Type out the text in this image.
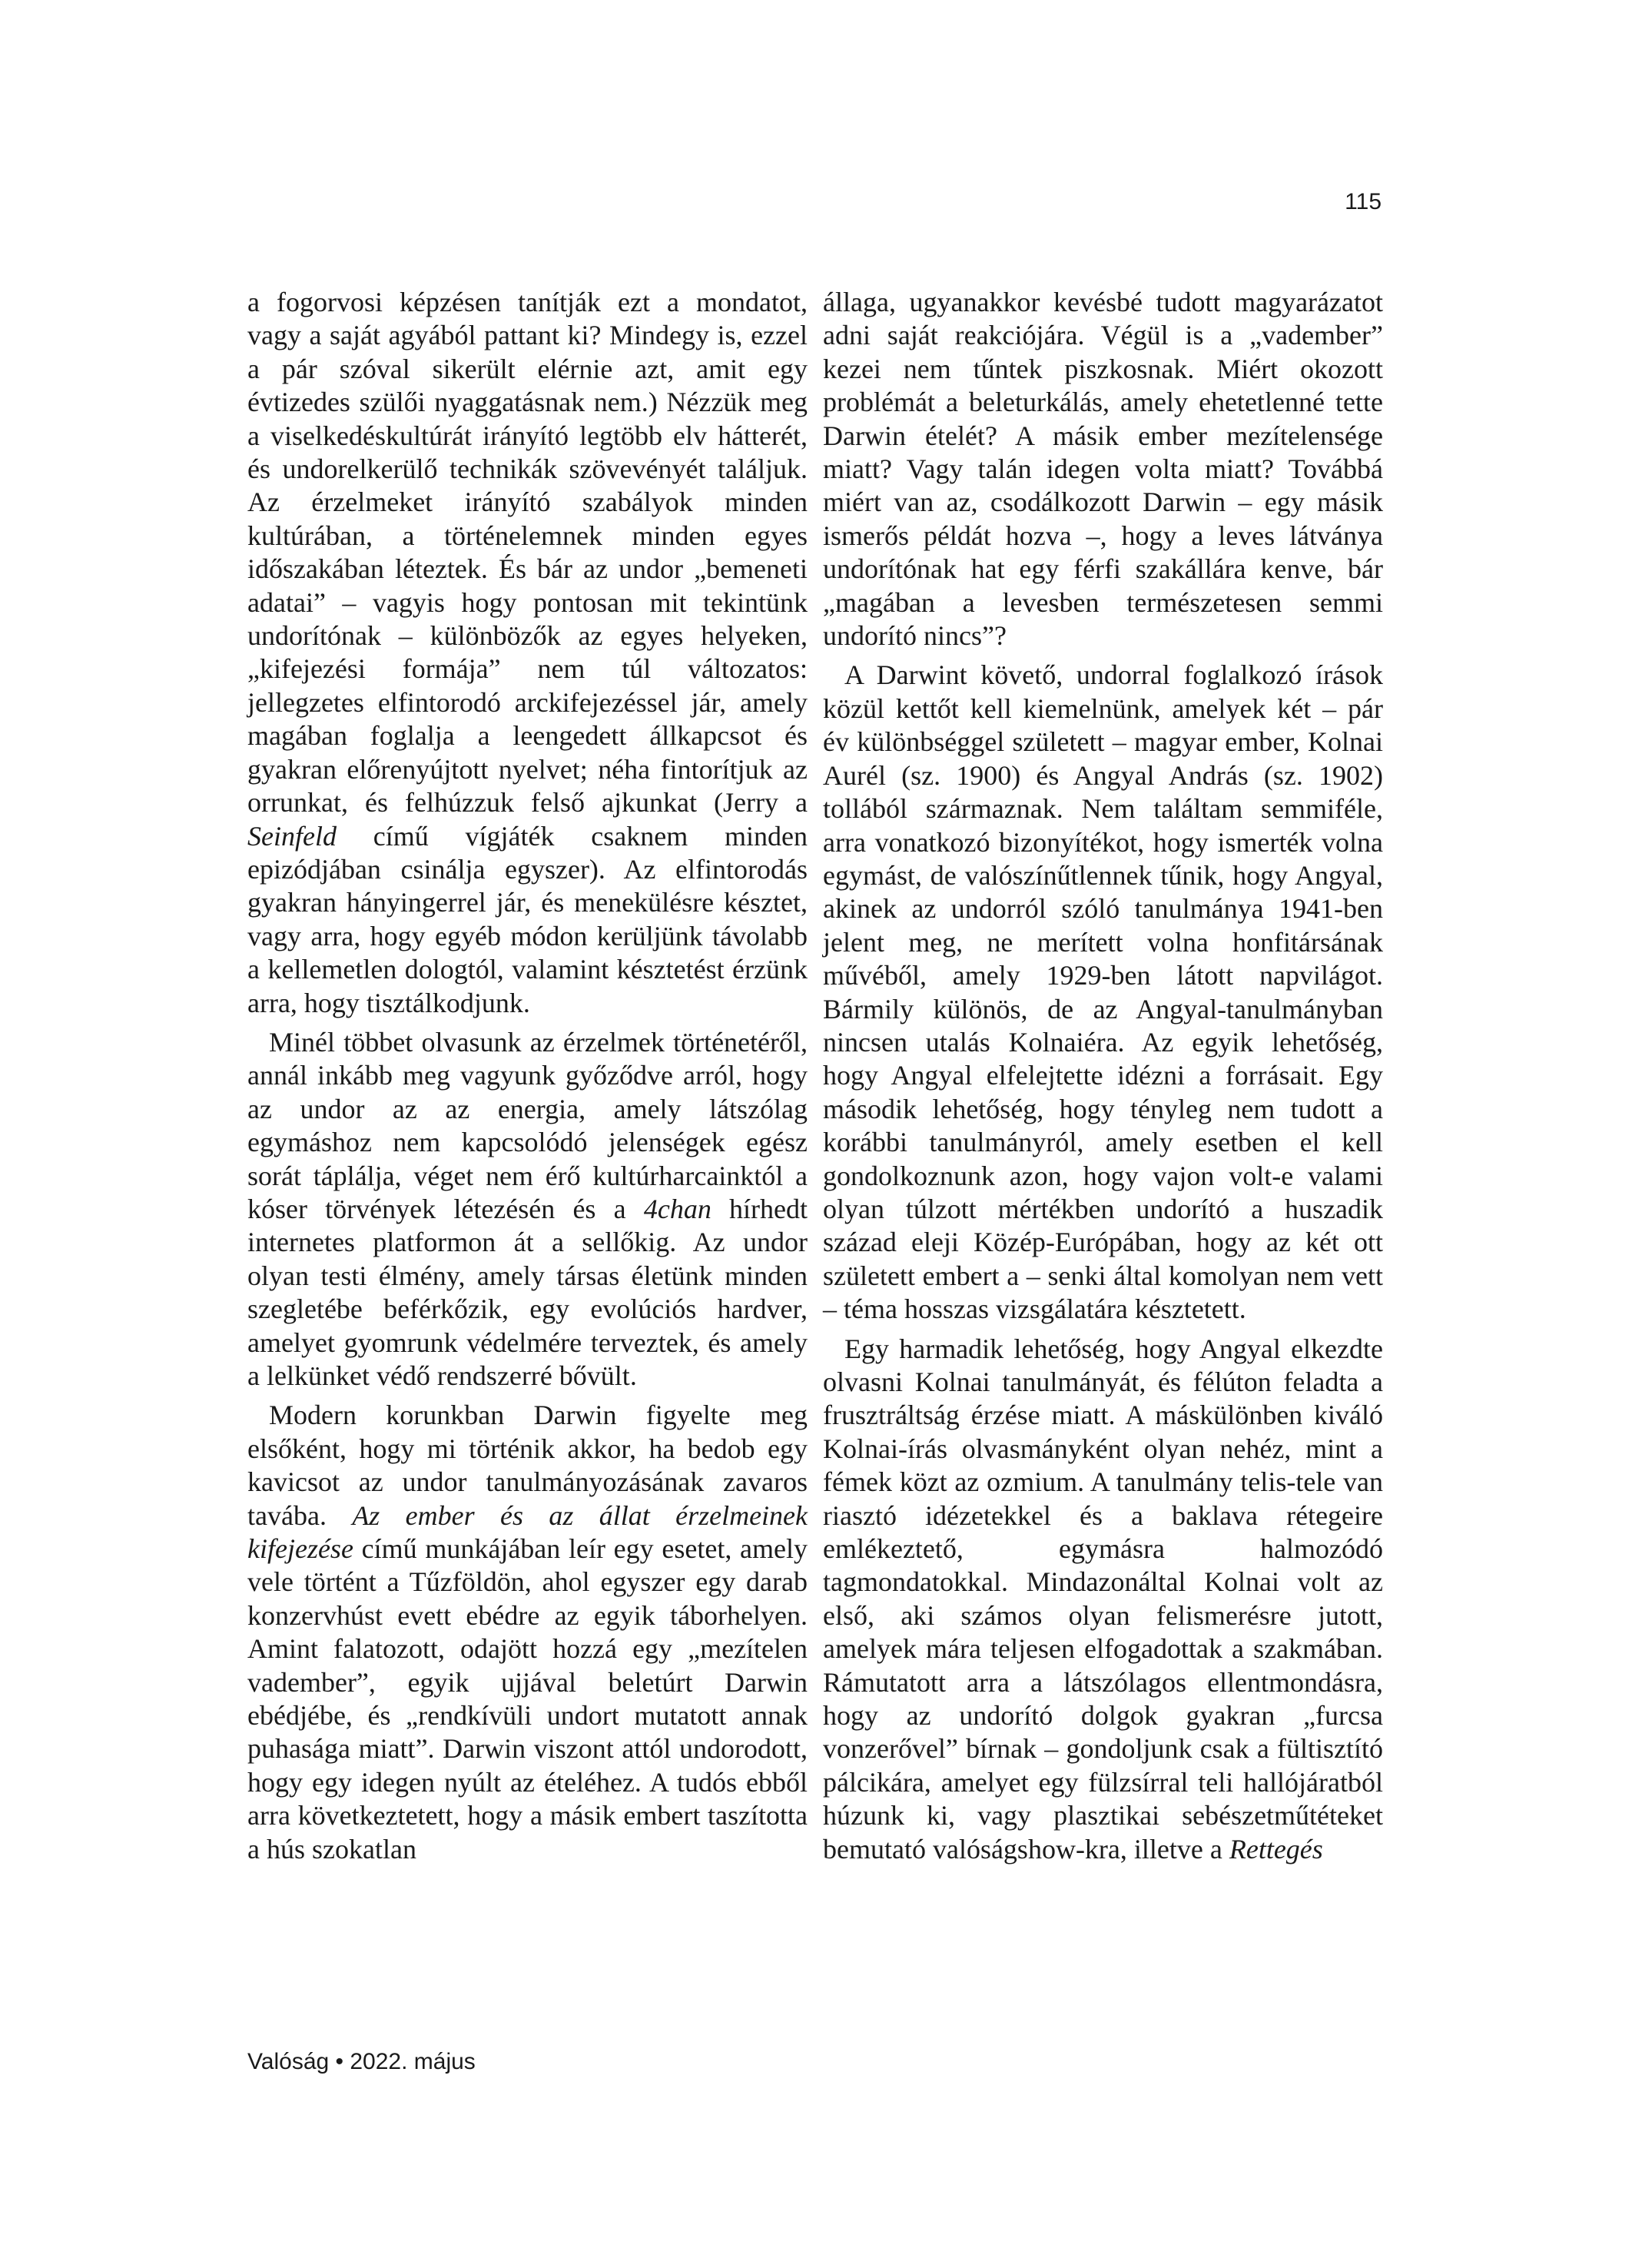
115

a fogorvosi képzésen tanítják ezt a mondatot, vagy a saját agyából pattant ki? Mindegy is, ezzel a pár szóval sikerült elérnie azt, amit egy évtizedes szülői nyaggatásnak nem.) Nézzük meg a viselkedéskultúrát irányító legtöbb elv hátterét, és undorelkerülő technikák szövevényét találjuk. Az érzelmeket irányító szabályok minden kultúrában, a történelemnek minden egyes időszakában léteztek. És bár az undor „bemeneti adatai” – vagyis hogy pontosan mit tekintünk undorítónak – különbözők az egyes helyeken, „kifejezési formája” nem túl változatos: jellegzetes elfintorodó arckifejezéssel jár, amely magában foglalja a leengedett állkapcsot és gyakran előrenyújtott nyelvet; néha fintorítjuk az orrunkat, és felhúzzuk felső ajkunkat (Jerry a Seinfeld című vígjáték csaknem minden epizódjában csinálja egyszer). Az elfintorodás gyakran hányingerrel jár, és menekülésre késztet, vagy arra, hogy egyéb módon kerüljünk távolabb a kellemetlen dologtól, valamint késztetést érzünk arra, hogy tisztálkodjunk.

Minél többet olvasunk az érzelmek történetéről, annál inkább meg vagyunk győződve arról, hogy az undor az az energia, amely látszólag egymáshoz nem kapcsolódó jelenségek egész sorát táplálja, véget nem érő kultúrharcainktól a kóser törvények létezésén és a 4chan hírhedt internetes platformon át a sellőkig. Az undor olyan testi élmény, amely társas életünk minden szegletébe beférkőzik, egy evolúciós hardver, amelyet gyomrunk védelmére terveztek, és amely a lelkünket védő rendszerré bővült.

Modern korunkban Darwin figyelte meg elsőként, hogy mi történik akkor, ha bedob egy kavicsot az undor tanulmányozásának zavaros tavába. Az ember és az állat érzelmeinek kifejezése című munkájában leír egy esetet, amely vele történt a Tűzföldön, ahol egyszer egy darab konzervhúst evett ebédre az egyik táborhelyen. Amint falatozott, odajött hozzá egy „mezítelen vadember”, egyik ujjával beletúrt Darwin ebédjébe, és „rendkívüli undort mutatott annak puhasága miatt”. Darwin viszont attól undorodott, hogy egy idegen nyúlt az ételéhez. A tudós ebből arra következtetett, hogy a másik embert taszította a hús szokatlan

állaga, ugyanakkor kevésbé tudott magyarázatot adni saját reakciójára. Végül is a „vadember” kezei nem tűntek piszkosnak. Miért okozott problémát a beleturkálás, amely ehetetlenné tette Darwin ételét? A másik ember mezítelensége miatt? Vagy talán idegen volta miatt? Továbbá miért van az, csodálkozott Darwin – egy másik ismerős példát hozva –, hogy a leves látványa undorítónak hat egy férfi szakállára kenve, bár „magában a levesben természetesen semmi undorító nincs”?

A Darwint követő, undorral foglalkozó írások közül kettőt kell kiemelnünk, amelyek két – pár év különbséggel született – magyar ember, Kolnai Aurél (sz. 1900) és Angyal András (sz. 1902) tollából származnak. Nem találtam semmiféle, arra vonatkozó bizonyítékot, hogy ismerték volna egymást, de valószínűtlennek tűnik, hogy Angyal, akinek az undorról szóló tanulmánya 1941-ben jelent meg, ne merített volna honfitársának művéből, amely 1929-ben látott napvilágot. Bármily különös, de az Angyal-tanulmányban nincsen utalás Kolnaiéra. Az egyik lehetőség, hogy Angyal elfelejtette idézni a forrásait. Egy második lehetőség, hogy tényleg nem tudott a korábbi tanulmányról, amely esetben el kell gondolkoznunk azon, hogy vajon volt-e valami olyan túlzott mértékben undorító a huszadik század eleji Közép-Európában, hogy az két ott született embert a – senki által komolyan nem vett – téma hosszas vizsgálatára késztetett.

Egy harmadik lehetőség, hogy Angyal elkezdte olvasni Kolnai tanulmányát, és félúton feladta a frusztráltság érzése miatt. A máskülönben kiváló Kolnai-írás olvasmányként olyan nehéz, mint a fémek közt az ozmium. A tanulmány telis-tele van riasztó idézetekkel és a baklava rétegeire emlékeztető, egymásra halmozódó tagmondatokkal. Mindazonáltal Kolnai volt az első, aki számos olyan felismerésre jutott, amelyek mára teljesen elfogadottak a szakmában. Rámutatott arra a látszólagos ellentmondásra, hogy az undorító dolgok gyakran „furcsa vonzerővel” bírnak – gondoljunk csak a fültisztító pálcikára, amelyet egy fülzsírral teli hallójáratból húzunk ki, vagy plasztikai sebészetműtéteket bemutató valóságshow-kra, illetve a Rettegés

Valóság • 2022. május
